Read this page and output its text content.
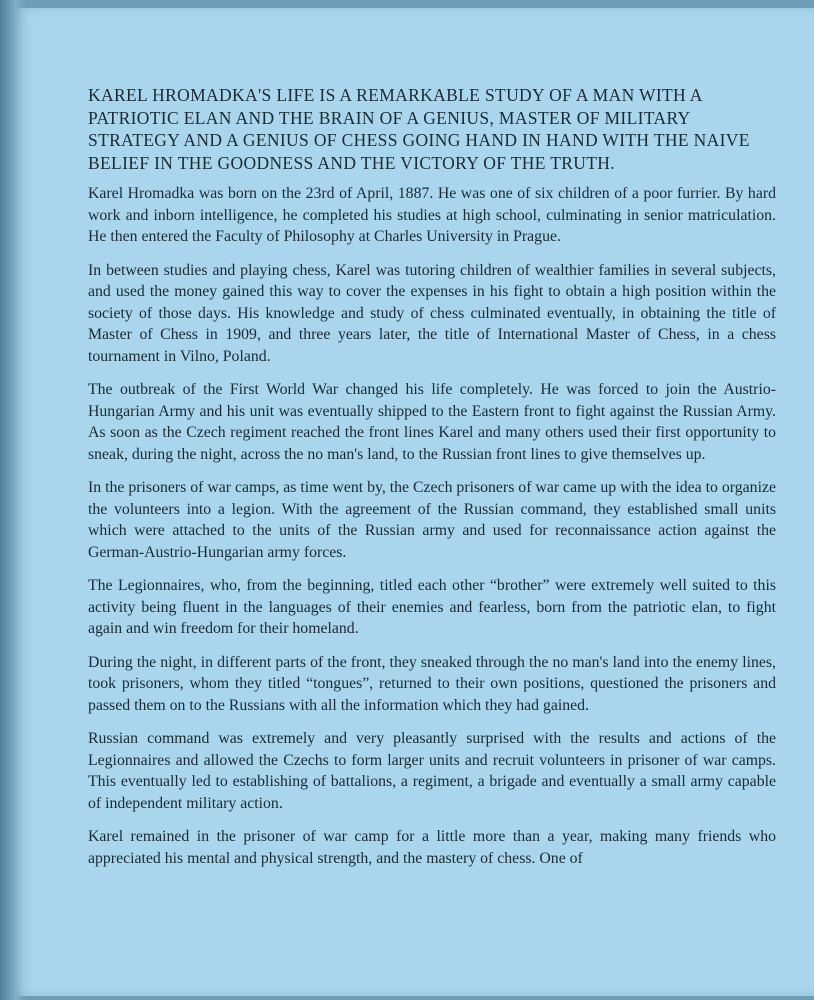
KAREL HROMADKA'S LIFE IS A REMARKABLE STUDY OF A MAN WITH A PATRIOTIC ELAN AND THE BRAIN OF A GENIUS, MASTER OF MILITARY STRATEGY AND A GENIUS OF CHESS GOING HAND IN HAND WITH THE NAIVE BELIEF IN THE GOODNESS AND THE VICTORY OF THE TRUTH.

Karel Hromadka was born on the 23rd of April, 1887. He was one of six children of a poor furrier. By hard work and inborn intelligence, he completed his studies at high school, culminating in senior matriculation. He then entered the Faculty of Philosophy at Charles University in Prague.

In between studies and playing chess, Karel was tutoring children of wealthier families in several subjects, and used the money gained this way to cover the expenses in his fight to obtain a high position within the society of those days. His knowledge and study of chess culminated eventually, in obtaining the title of Master of Chess in 1909, and three years later, the title of International Master of Chess, in a chess tournament in Vilno, Poland.

The outbreak of the First World War changed his life completely. He was forced to join the Austrio-Hungarian Army and his unit was eventually shipped to the Eastern front to fight against the Russian Army. As soon as the Czech regiment reached the front lines Karel and many others used their first opportunity to sneak, during the night, across the no man's land, to the Russian front lines to give themselves up.

In the prisoners of war camps, as time went by, the Czech prisoners of war came up with the idea to organize the volunteers into a legion. With the agreement of the Russian command, they established small units which were attached to the units of the Russian army and used for reconnaissance action against the German-Austrio-Hungarian army forces.

The Legionnaires, who, from the beginning, titled each other “brother” were extremely well suited to this activity being fluent in the languages of their enemies and fearless, born from the patriotic elan, to fight again and win freedom for their homeland.

During the night, in different parts of the front, they sneaked through the no man's land into the enemy lines, took prisoners, whom they titled “tongues”, returned to their own positions, questioned the prisoners and passed them on to the Russians with all the information which they had gained.

Russian command was extremely and very pleasantly surprised with the results and actions of the Legionnaires and allowed the Czechs to form larger units and recruit volunteers in prisoner of war camps. This eventually led to establishing of battalions, a regiment, a brigade and eventually a small army capable of independent military action.

Karel remained in the prisoner of war camp for a little more than a year, making many friends who appreciated his mental and physical strength, and the mastery of chess. One of
